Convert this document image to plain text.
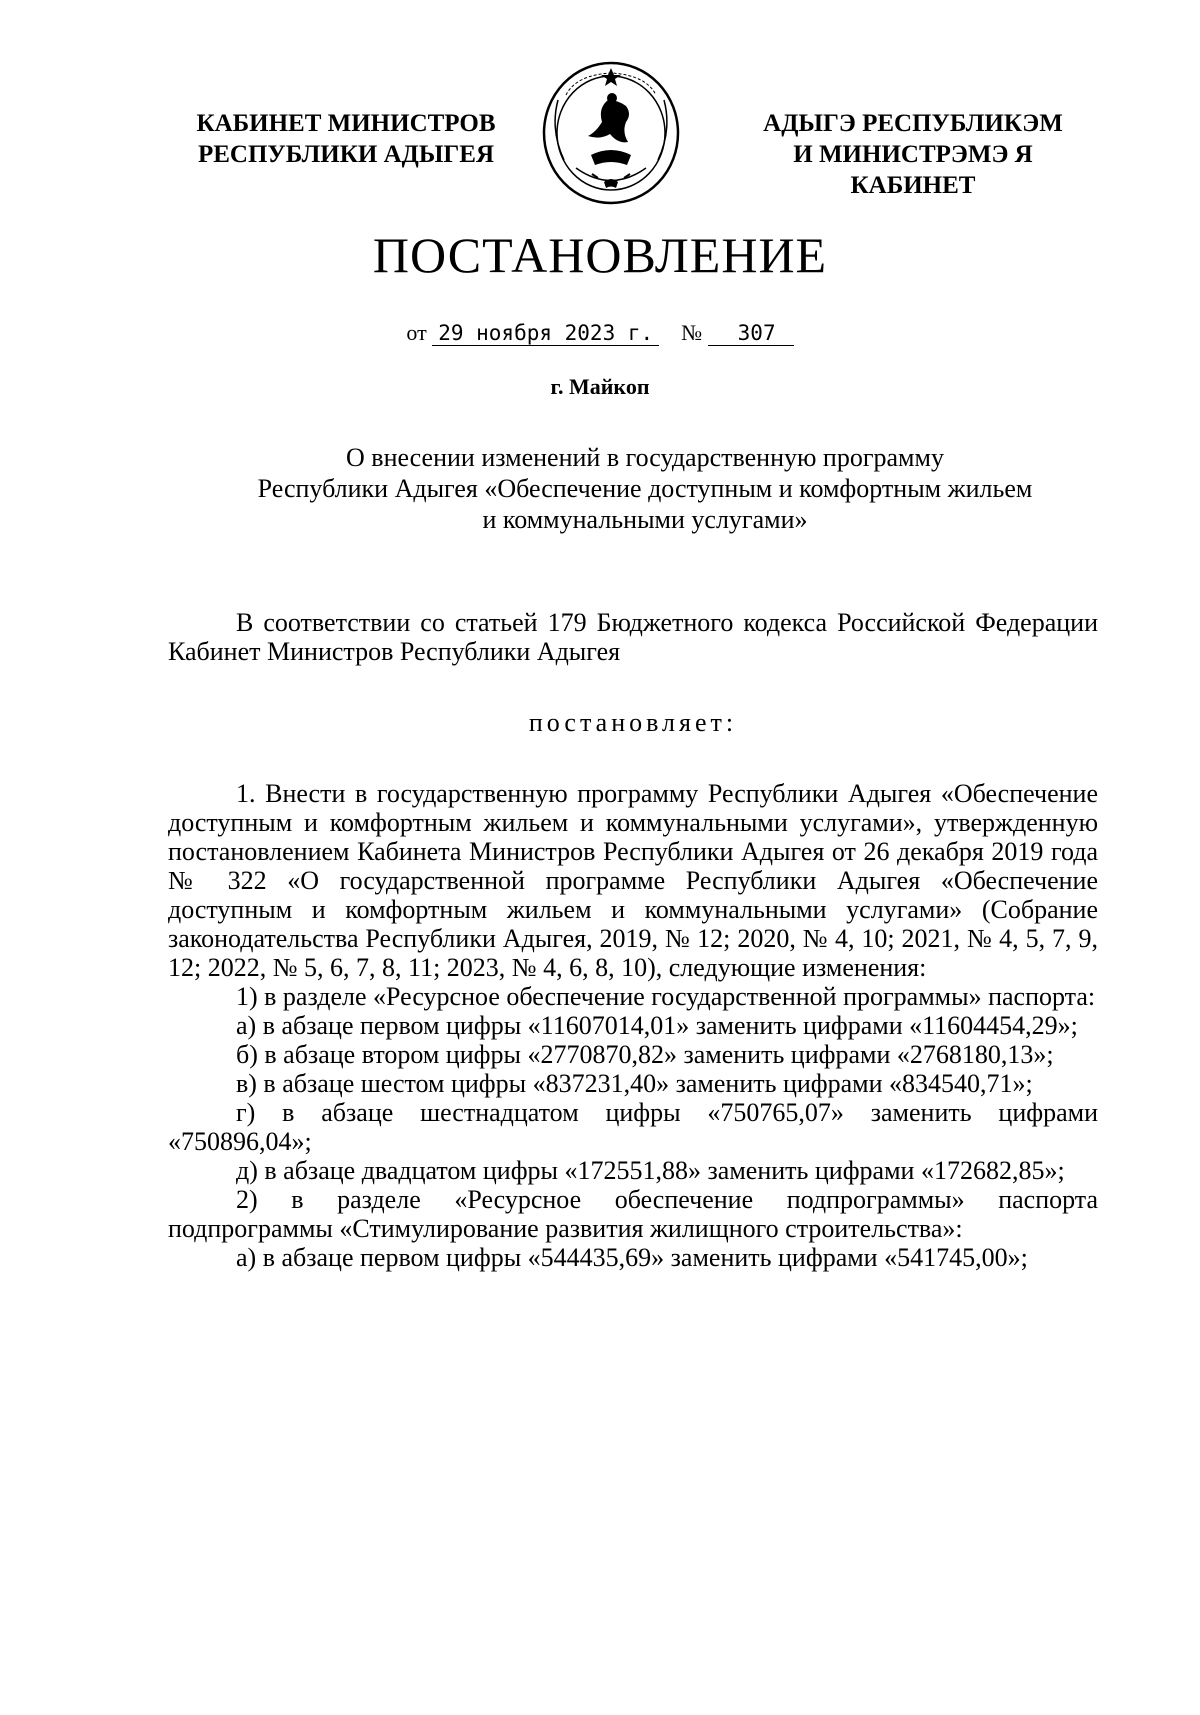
КАБИНЕТ МИНИСТРОВ
РЕСПУБЛИКИ АДЫГЕЯ
АДЫГЭ РЕСПУБЛИКЭМ
И МИНИСТРЭМЭ Я КАБИНЕТ
ПОСТАНОВЛЕНИЕ
от 29 ноября 2023 г. № 307
г. Майкоп
О внесении изменений в государственную программу
Республики Адыгея «Обеспечение доступным и комфортным жильем
и коммунальными услугами»

В соответствии со статьей 179 Бюджетного кодекса Российской Федерации Кабинет Министров Республики Адыгея

постановляет:

1. Внести в государственную программу Республики Адыгея «Обеспечение доступным и комфортным жильем и коммунальными услугами», утвержденную постановлением Кабинета Министров Республики Адыгея от 26 декабря 2019 года № 322 «О государственной программе Республики Адыгея «Обеспечение доступным и комфортным жильем и коммунальными услугами» (Собрание законодательства Республики Адыгея, 2019, № 12; 2020, № 4, 10; 2021, № 4, 5, 7, 9, 12; 2022, № 5, 6, 7, 8, 11; 2023, № 4, 6, 8, 10), следующие изменения:

1) в разделе «Ресурсное обеспечение государственной программы» паспорта:

а) в абзаце первом цифры «11607014,01» заменить цифрами «11604454,29»;

б) в абзаце втором цифры «2770870,82» заменить цифрами «2768180,13»;

в) в абзаце шестом цифры «837231,40» заменить цифрами «834540,71»;

г) в абзаце шестнадцатом цифры «750765,07» заменить цифрами «750896,04»;

д) в абзаце двадцатом цифры «172551,88» заменить цифрами «172682,85»;

2) в разделе «Ресурсное обеспечение подпрограммы» паспорта подпрограммы «Стимулирование развития жилищного строительства»:

а) в абзаце первом цифры «544435,69» заменить цифрами «541745,00»;
